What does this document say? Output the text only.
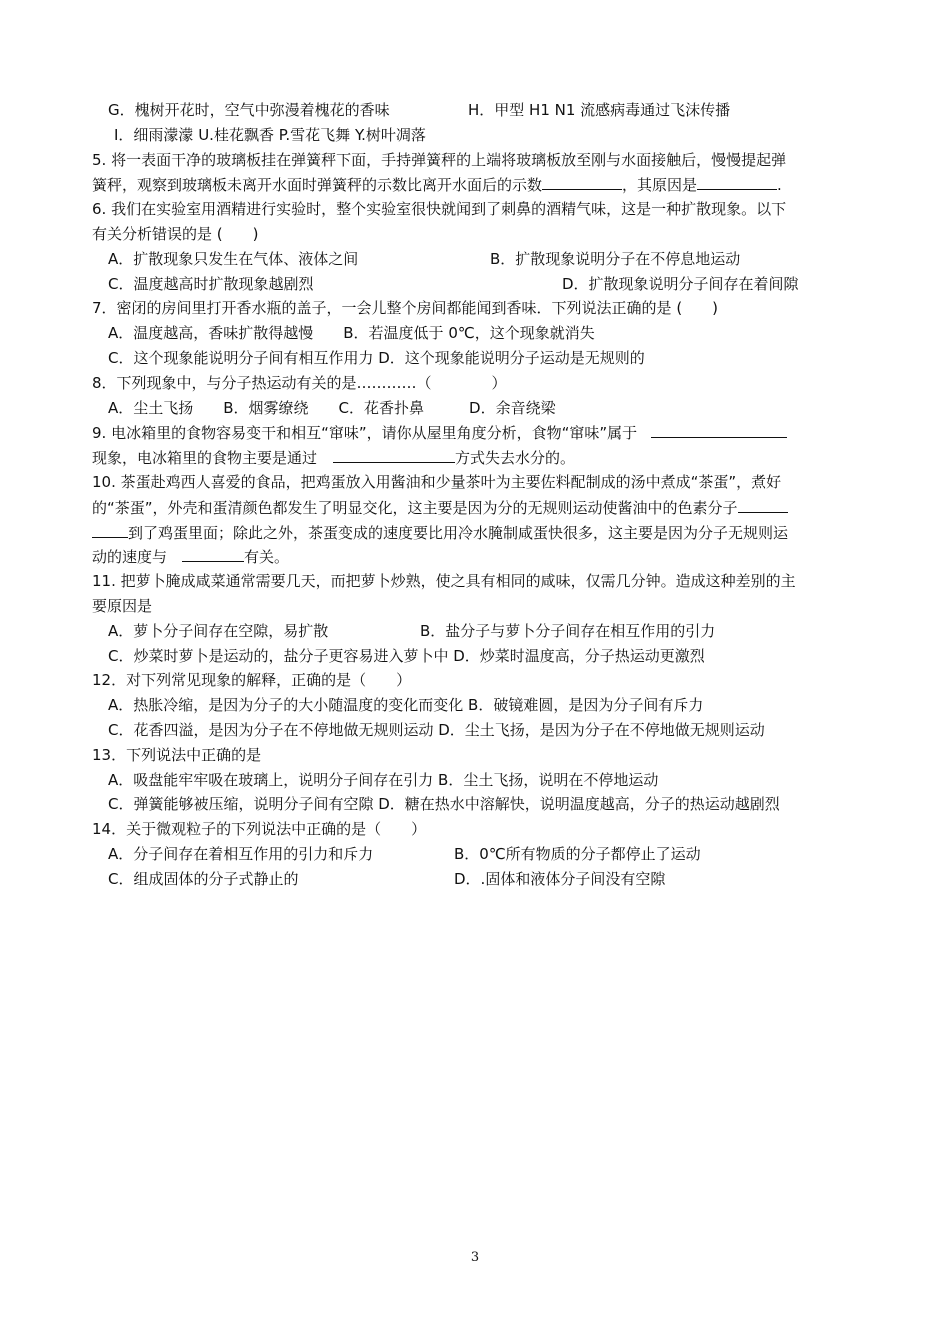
G．槐树开花时，空气中弥漫着槐花的香味	H．甲型 H1 N1 流感病毒通过飞沫传播
I．细雨濛濛 U.桂花飘香 P.雪花飞舞 Y.树叶凋落
5. 将一表面干净的玻璃板挂在弹簧秤下面，手持弹簧秤的上端将玻璃板放至刚与水面接触后，慢慢提起弹
簧秤，观察到玻璃板未离开水面时弹簧秤的示数比离开水面后的示数	，其原因是	.
6. 我们在实验室用酒精进行实验时，整个实验室很快就闻到了刺鼻的酒精气味，这是一种扩散现象。以下
有关分析错误的是 (　　)
A．扩散现象只发生在气体、液体之间	B．扩散现象说明分子在不停息地运动
C．温度越高时扩散现象越剧烈	D．扩散现象说明分子间存在着间隙
7．密闭的房间里打开香水瓶的盖子，一会儿整个房间都能闻到香味．下列说法正确的是 (　　)
A．温度越高，香味扩散得越慢　　B．若温度低于 0℃，这个现象就消失
C．这个现象能说明分子间有相互作用力 D．这个现象能说明分子运动是无规则的
8．下列现象中，与分子热运动有关的是…………（　　　　）
A．尘土飞扬　　B．烟雾缭绕　　C．花香扑鼻　　　D．余音绕梁
9. 电冰箱里的食物容易变干和相互“窜味”，请你从屋里角度分析，食物“窜味”属于
现象，电冰箱里的食物主要是通过	方式失去水分的。
10. 茶蛋赴鸡西人喜爱的食品，把鸡蛋放入用酱油和少量茶叶为主要佐料配制成的汤中煮成“茶蛋”，煮好
的“茶蛋”，外壳和蛋清颜色都发生了明显交化，这主要是因为分的无规则运动使酱油中的色素分子
到了鸡蛋里面；除此之外，茶蛋变成的速度要比用冷水腌制咸蛋快很多，这主要是因为分子无规则运
动的速度与　	有关。
11. 把萝卜腌成咸菜通常需要几天，而把萝卜炒熟，使之具有相同的咸味，仅需几分钟。造成这种差别的主
要原因是
A．萝卜分子间存在空隙，易扩散	B．盐分子与萝卜分子间存在相互作用的引力
C．炒菜时萝卜是运动的，盐分子更容易进入萝卜中 D．炒菜时温度高，分子热运动更激烈
12．对下列常见现象的解释，正确的是（　　）
A．热胀冷缩，是因为分子的大小随温度的变化而变化 B．破镜难圆，是因为分子间有斥力
C．花香四溢，是因为分子在不停地做无规则运动 D．尘土飞扬，是因为分子在不停地做无规则运动
13．下列说法中正确的是
A．吸盘能牢牢吸在玻璃上，说明分子间存在引力 B．尘土飞扬，说明在不停地运动
C．弹簧能够被压缩，说明分子间有空隙 D．糖在热水中溶解快，说明温度越高，分子的热运动越剧烈
14．关于微观粒子的下列说法中正确的是（　　）
A．分子间存在着相互作用的引力和斥力	B．0℃所有物质的分子都停止了运动
C．组成固体的分子式静止的	D．.固体和液体分子间没有空隙
3
